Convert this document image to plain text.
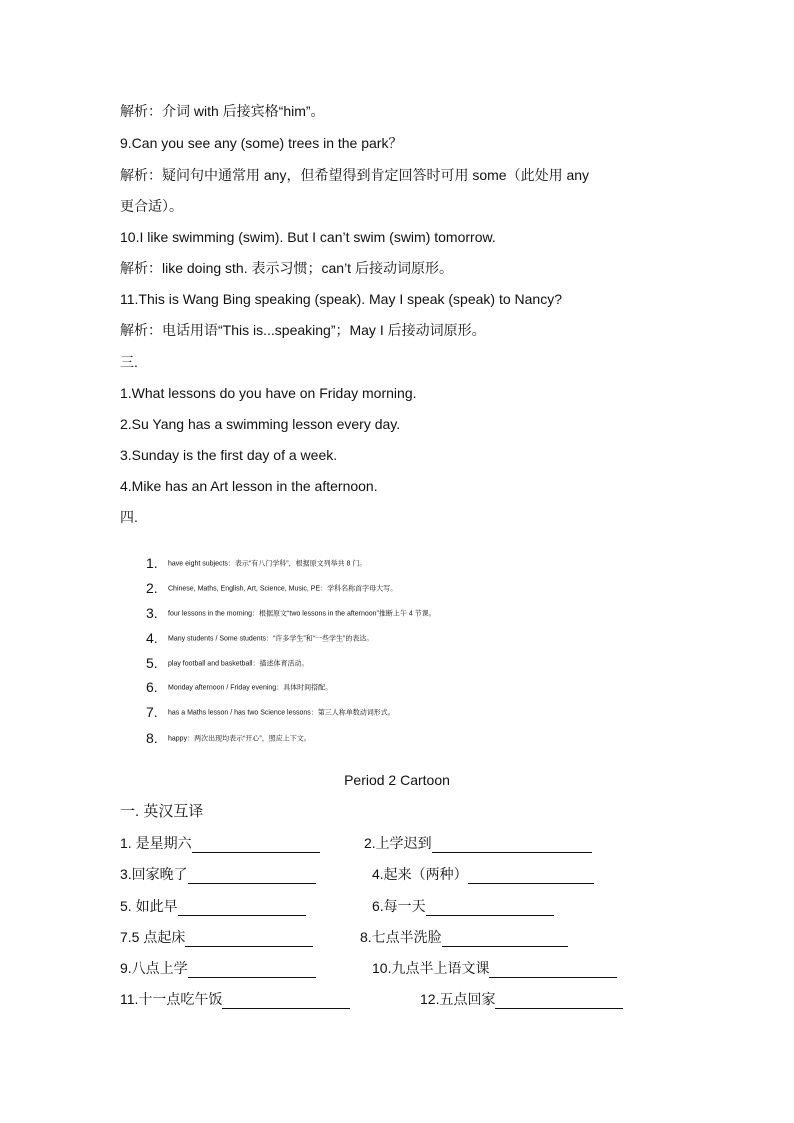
解析：介词 with 后接宾格“him”。
9.Can you see any (some) trees in the park？
解析：疑问句中通常用 any，但希望得到肯定回答时可用 some（此处用 any
更合适）。
10.I like swimming (swim). But I can’t swim (swim) tomorrow.
解析：like doing sth. 表示习惯；can’t 后接动词原形。
11.This is Wang Bing speaking (speak). May I speak (speak) to Nancy?
解析：电话用语“This is...speaking”；May I 后接动词原形。
三.
1.What lessons do you have on Friday morning.
2.Su Yang has a swimming lesson every day.
3.Sunday is the first day of a week.
4.Mike has an Art lesson in the afternoon.
四.
1. have eight subjects：表示“有八门学科”，根据原文列举共 8 门。
2. Chinese, Maths, English, Art, Science, Music, PE：学科名称首字母大写。
3. four lessons in the morning：根据原文“two lessons in the afternoon”推断上午 4 节课。
4. Many students / Some students：“许多学生”和“一些学生”的表达。
5. play football and basketball：描述体育活动。
6. Monday afternoon / Friday evening：具体时间搭配。
7. has a Maths lesson / has two Science lessons：第三人称单数动词形式。
8. happy：两次出现均表示“开心”，照应上下文。
Period 2 Cartoon
一. 英汉互译
1. 是星期六	2.上学迟到
3.回家晚了	4.起来（两种）
5. 如此早	6.每一天
7.5 点起床	8.七点半洗脸
9.八点上学	10.九点半上语文课
11.十一点吃午饭	12.五点回家
